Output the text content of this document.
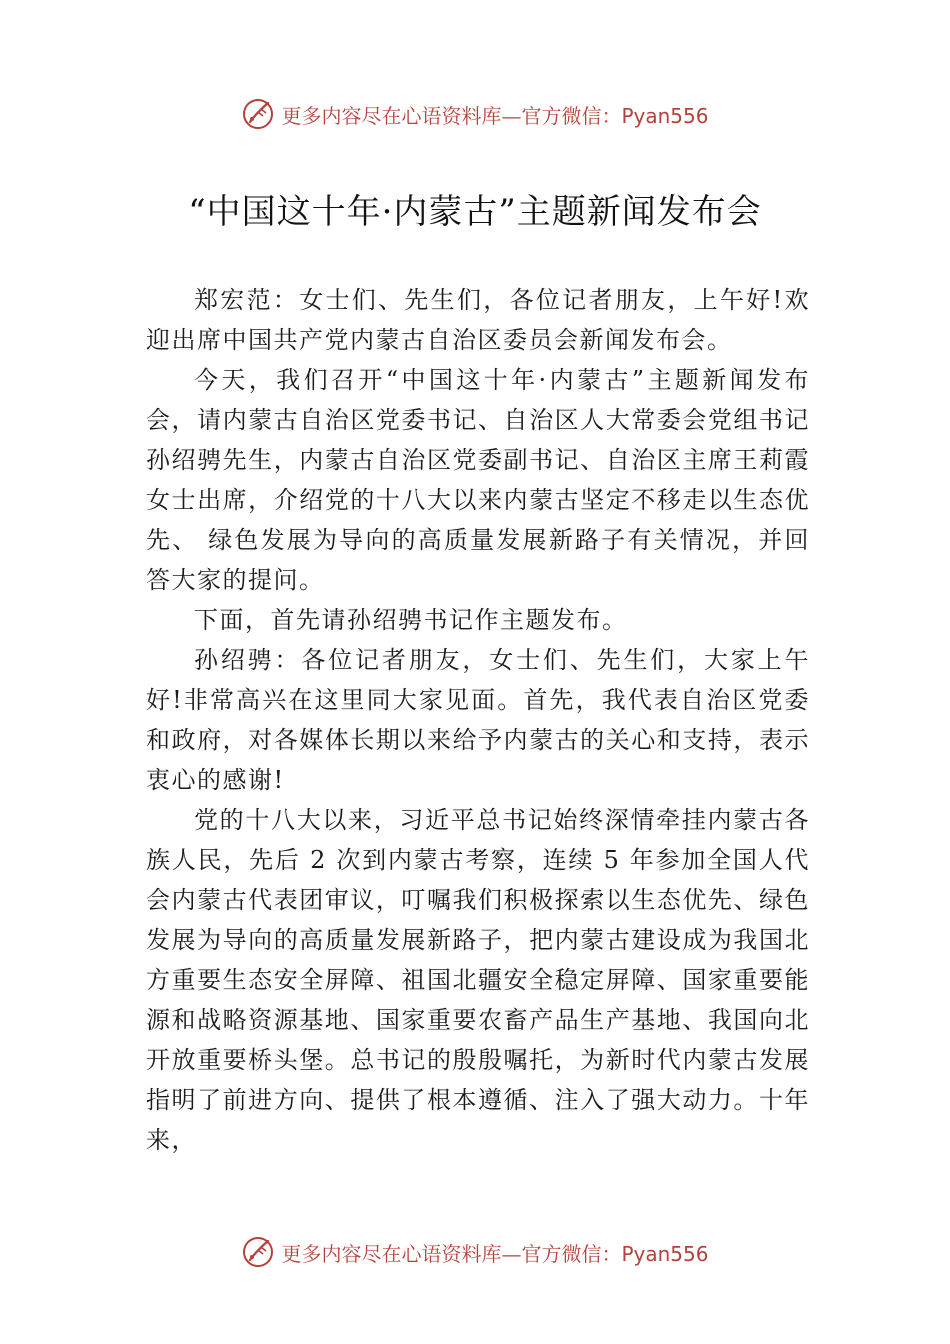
更多内容尽在心语资料库—官方微信：Pyan556
“中国这十年·内蒙古”主题新闻发布会

郑宏范：女士们、先生们，各位记者朋友，上午好!欢迎出席中国共产党内蒙古自治区委员会新闻发布会。

今天，我们召开“中国这十年·内蒙古”主题新闻发布会，请内蒙古自治区党委书记、自治区人大常委会党组书记孙绍骋先生，内蒙古自治区党委副书记、自治区主席王莉霞女士出席，介绍党的十八大以来内蒙古坚定不移走以生态优先、 绿色发展为导向的高质量发展新路子有关情况，并回答大家的提问。

下面，首先请孙绍骋书记作主题发布。

孙绍骋：各位记者朋友，女士们、先生们，大家上午好!非常高兴在这里同大家见面。首先，我代表自治区党委和政府，对各媒体长期以来给予内蒙古的关心和支持，表示衷心的感谢!

党的十八大以来，习近平总书记始终深情牵挂内蒙古各族人民，先后 2 次到内蒙古考察，连续 5 年参加全国人代会内蒙古代表团审议，叮嘱我们积极探索以生态优先、绿色发展为导向的高质量发展新路子，把内蒙古建设成为我国北方重要生态安全屏障、祖国北疆安全稳定屏障、国家重要能源和战略资源基地、国家重要农畜产品生产基地、我国向北开放重要桥头堡。总书记的殷殷嘱托，为新时代内蒙古发展指明了前进方向、提供了根本遵循、注入了强大动力。十年来，

更多内容尽在心语资料库—官方微信：Pyan556
